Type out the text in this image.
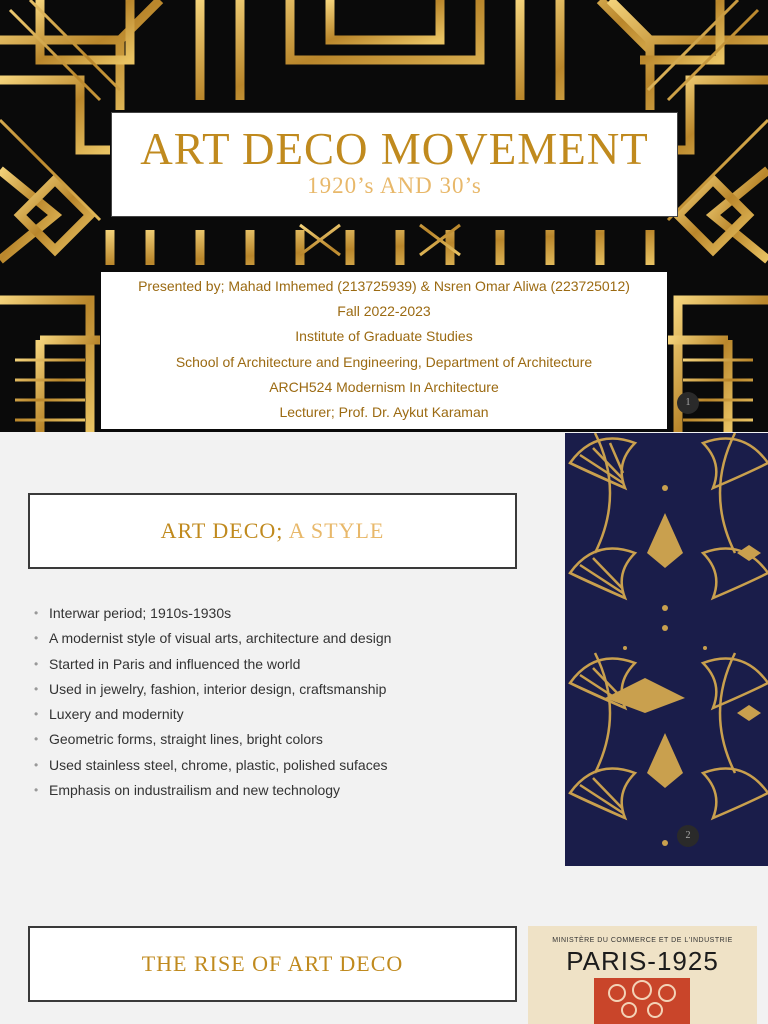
ART DECO MOVEMENT
1920’s AND 30’s
Presented by; Mahad Imhemed (213725939) & Nsren Omar Aliwa (223725012)
Fall 2022-2023
Institute of Graduate Studies
School of Architecture and Engineering, Department of Architecture
ARCH524 Modernism In Architecture
Lecturer; Prof. Dr. Aykut Karaman
1
ART DECO; A STYLE
• Interwar period; 1910s-1930s
• A modernist style of visual arts, architecture and design
• Started in Paris and influenced the world
• Used in jewelry, fashion, interior design, craftsmanship
• Luxery and modernity
• Geometric forms, straight lines, bright colors
• Used stainless steel, chrome, plastic, polished sufaces
• Emphasis on industrailism and new technology
2
THE RISE OF ART DECO
MINISTÈRE DU COMMERCE ET DE L'INDUSTRIE
PARIS-1925
